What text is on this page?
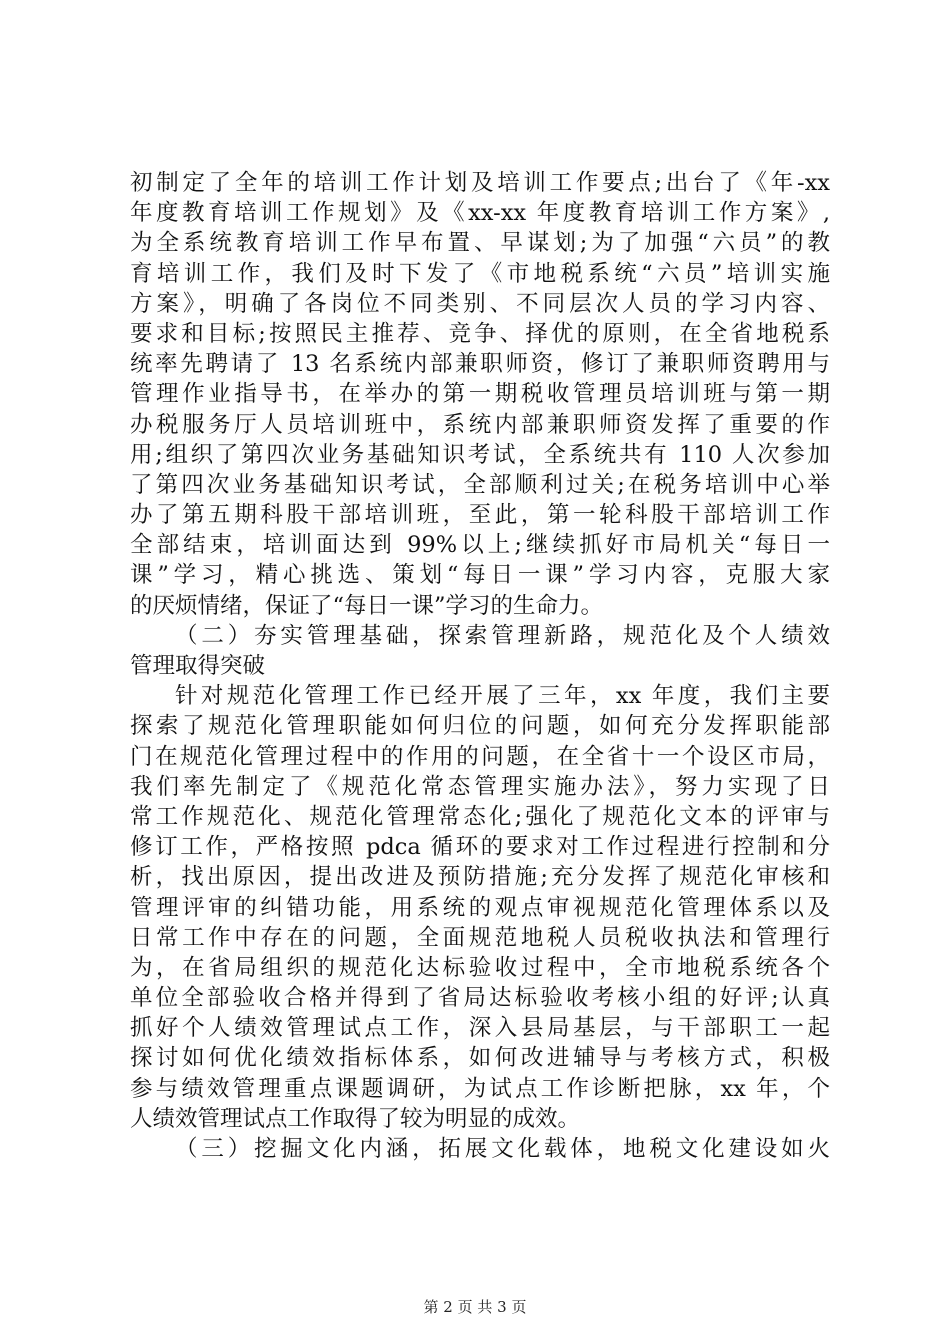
初制定了全年的培训工作计划及培训工作要点;出台了《年-xx
年度教育培训工作规划》及《xx-xx 年度教育培训工作方案》,
为全系统教育培训工作早布置、早谋划;为了加强“六员”的教
育培训工作，我们及时下发了《市地税系统“六员”培训实施
方案》，明确了各岗位不同类别、不同层次人员的学习内容、
要求和目标;按照民主推荐、竞争、择优的原则，在全省地税系
统率先聘请了 13 名系统内部兼职师资，修订了兼职师资聘用与
管理作业指导书，在举办的第一期税收管理员培训班与第一期
办税服务厅人员培训班中，系统内部兼职师资发挥了重要的作
用;组织了第四次业务基础知识考试，全系统共有 110 人次参加
了第四次业务基础知识考试，全部顺利过关;在税务培训中心举
办了第五期科股干部培训班，至此，第一轮科股干部培训工作
全部结束，培训面达到 99%以上;继续抓好市局机关“每日一
课”学习，精心挑选、策划“每日一课”学习内容，克服大家
的厌烦情绪，保证了“每日一课”学习的生命力。
（二）夯实管理基础，探索管理新路，规范化及个人绩效
管理取得突破
针对规范化管理工作已经开展了三年，xx 年度，我们主要
探索了规范化管理职能如何归位的问题，如何充分发挥职能部
门在规范化管理过程中的作用的问题，在全省十一个设区市局，
我们率先制定了《规范化常态管理实施办法》，努力实现了日
常工作规范化、规范化管理常态化;强化了规范化文本的评审与
修订工作，严格按照 pdca 循环的要求对工作过程进行控制和分
析，找出原因，提出改进及预防措施;充分发挥了规范化审核和
管理评审的纠错功能，用系统的观点审视规范化管理体系以及
日常工作中存在的问题，全面规范地税人员税收执法和管理行
为，在省局组织的规范化达标验收过程中，全市地税系统各个
单位全部验收合格并得到了省局达标验收考核小组的好评;认真
抓好个人绩效管理试点工作，深入县局基层，与干部职工一起
探讨如何优化绩效指标体系，如何改进辅导与考核方式，积极
参与绩效管理重点课题调研，为试点工作诊断把脉，xx 年，个
人绩效管理试点工作取得了较为明显的成效。
（三）挖掘文化内涵，拓展文化载体，地税文化建设如火
第 2 页 共 3 页
